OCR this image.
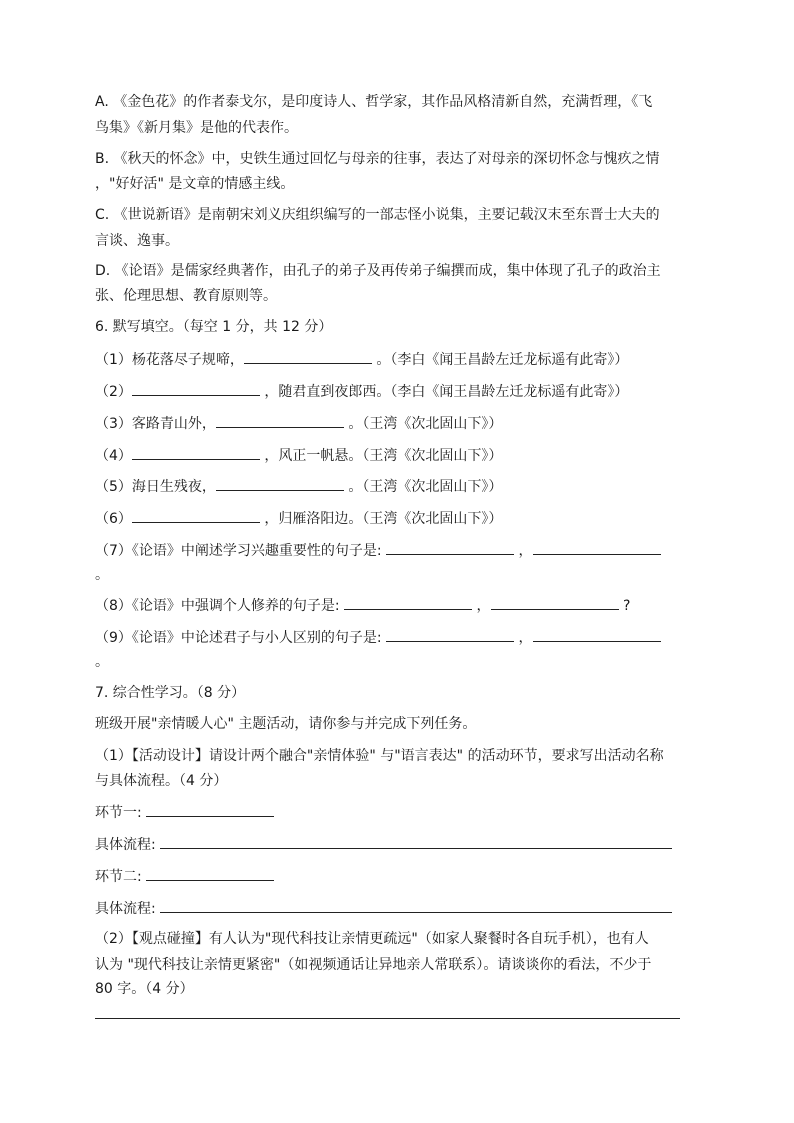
A. 《金色花》的作者泰戈尔，是印度诗人、哲学家，其作品风格清新自然，充满哲理，《飞
鸟集》《新月集》是他的代表作。
B. 《秋天的怀念》中，史铁生通过回忆与母亲的往事，表达了对母亲的深切怀念与愧疚之情
，"好好活" 是文章的情感主线。
C. 《世说新语》是南朝宋刘义庆组织编写的一部志怪小说集，主要记载汉末至东晋士大夫的
言谈、逸事。
D. 《论语》是儒家经典著作，由孔子的弟子及再传弟子编撰而成，集中体现了孔子的政治主
张、伦理思想、教育原则等。
6. 默写填空。（每空 1 分，共 12 分）
（1）杨花落尽子规啼，	。（李白《闻王昌龄左迁龙标遥有此寄》）
（2）	，随君直到夜郎西。（李白《闻王昌龄左迁龙标遥有此寄》）
（3）客路青山外，	。（王湾《次北固山下》）
（4）	，风正一帆悬。（王湾《次北固山下》）
（5）海日生残夜，	。（王湾《次北固山下》）
（6）	，归雁洛阳边。（王湾《次北固山下》）
（7）《论语》中阐述学习兴趣重要性的句子是:	，
。
（8）《论语》中强调个人修养的句子是:	，	?
（9）《论语》中论述君子与小人区别的句子是:	，
。
7. 综合性学习。（8 分）
班级开展"亲情暖人心" 主题活动，请你参与并完成下列任务。
（1）【活动设计】请设计两个融合"亲情体验" 与"语言表达" 的活动环节，要求写出活动名称
与具体流程。（4 分）
环节一:
具体流程:
环节二:
具体流程:
（2）【观点碰撞】有人认为"现代科技让亲情更疏远"（如家人聚餐时各自玩手机），也有人
认为 "现代科技让亲情更紧密"（如视频通话让异地亲人常联系）。请谈谈你的看法，不少于
80 字。（4 分）
